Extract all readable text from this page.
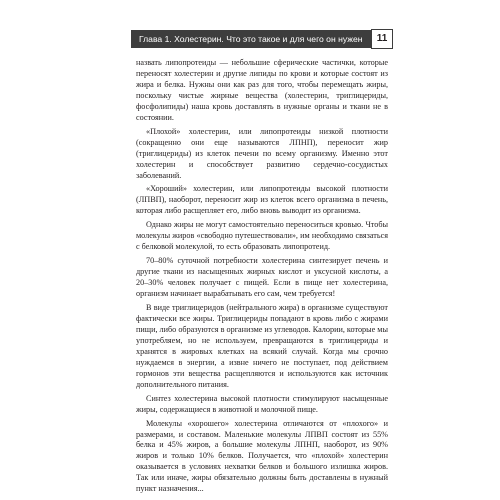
Глава 1. Холестерин. Что это такое и для чего он нужен	11

назвать липопротеиды — небольшие сферические частички, которые переносят холестерин и другие липиды по крови и которые состоят из жира и белка. Нужны они как раз для того, чтобы перемещать жиры, поскольку чистые жирные вещества (холестерин, триглицериды, фосфолипиды) наша кровь доставлять в нужные органы и ткани не в состоянии.

«Плохой» холестерин, или липопротеиды низкой плотности (сокращенно они еще называются ЛПНП), переносит жир (триглицериды) из клеток печени по всему организму. Именно этот холестерин и способствует развитию сердечно-сосудистых заболеваний.

«Хороший» холестерин, или липопротеиды высокой плотности (ЛПВП), наоборот, переносит жир из клеток всего организма в печень, которая либо расщепляет его, либо вновь выводит из организма.

Однако жиры не могут самостоятельно переноситься кровью. Чтобы молекулы жиров «свободно путешествовали», им необходимо связаться с белковой молекулой, то есть образовать липопротеид.

70–80% суточной потребности холестерина синтезирует печень и другие ткани из насыщенных жирных кислот и уксусной кислоты, а 20–30% человек получает с пищей. Если в пище нет холестерина, организм начинает вырабатывать его сам, чем требуется!

В виде триглицеридов (нейтрального жира) в организме существуют фактически все жиры. Триглицериды попадают в кровь либо с жирами пищи, либо образуются в организме из углеводов. Калории, которые мы употребляем, но не используем, превращаются в триглицериды и хранятся в жировых клетках на всякий случай. Когда мы срочно нуждаемся в энергии, а извне ничего не поступает, под действием гормонов эти вещества расщепляются и используются как источник дополнительного питания.

Синтез холестерина высокой плотности стимулируют насыщенные жиры, содержащиеся в животной и молочной пище.

Молекулы «хорошего» холестерина отличаются от «плохого» и размерами, и составом. Маленькие молекулы ЛПВП состоят из 55% белка и 45% жиров, а большие молекулы ЛПНП, наоборот, из 90% жиров и только 10% белков. Получается, что «плохой» холестерин оказывается в условиях нехватки белков и большого излишка жиров. Так или иначе, жиры обязательно должны быть доставлены в нужный пункт назначения...
